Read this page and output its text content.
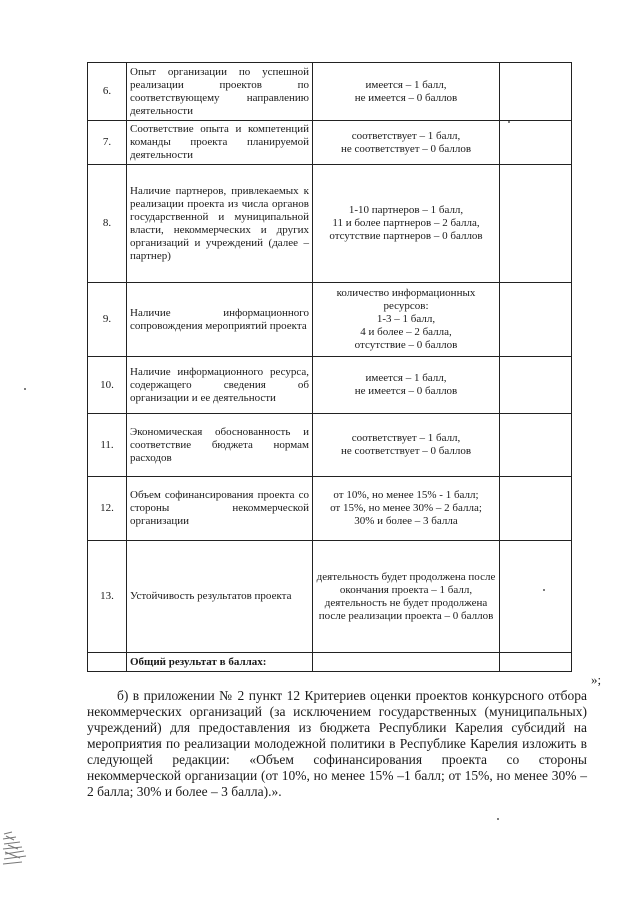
6.	Опыт организации по успешной реализации проектов по соответствующему направлению деятельности	имеется – 1 балл,
не имеется – 0 баллов	
7.	Соответствие опыта и компетенций команды проекта планируемой деятельности	соответствует – 1 балл,
не соответствует – 0 баллов	
8.	Наличие партнеров, привлекаемых к реализации проекта из числа органов государственной и муниципальной власти, некоммерческих и других организаций и учреждений (далее – партнер)	1-10 партнеров – 1 балл,
11 и более партнеров – 2 балла,
отсутствие партнеров – 0 баллов	
9.	Наличие информационного сопровождения мероприятий проекта	количество информационных ресурсов:
1-3 – 1 балл,
4 и более – 2 балла,
отсутствие – 0 баллов	
10.	Наличие информационного ресурса, содержащего сведения об организации и ее деятельности	имеется – 1 балл,
не имеется – 0 баллов	
11.	Экономическая обоснованность и соответствие бюджета нормам расходов	соответствует – 1 балл,
не соответствует – 0 баллов	
12.	Объем софинансирования проекта со стороны некоммерческой организации	от 10%, но менее 15% - 1 балл;
от 15%, но менее 30% – 2 балла;
30% и более – 3 балла	
13.	Устойчивость результатов проекта	деятельность будет продолжена после окончания проекта – 1 балл,
деятельность не будет продолжена после реализации проекта – 0 баллов	
	Общий результат в баллах:		
»;
б) в приложении № 2 пункт 12 Критериев оценки проектов конкурсного отбора некоммерческих организаций (за исключением государственных (муниципальных) учреждений) для предоставления из бюджета Республики Карелия субсидий на мероприятия по реализации молодежной политики в Республике Карелия изложить в следующей редакции: «Объем софинансирования проекта со стороны некоммерческой организации (от 10%, но менее 15% –1 балл; от 15%, но менее 30% – 2 балла; 30% и более – 3 балла).».
